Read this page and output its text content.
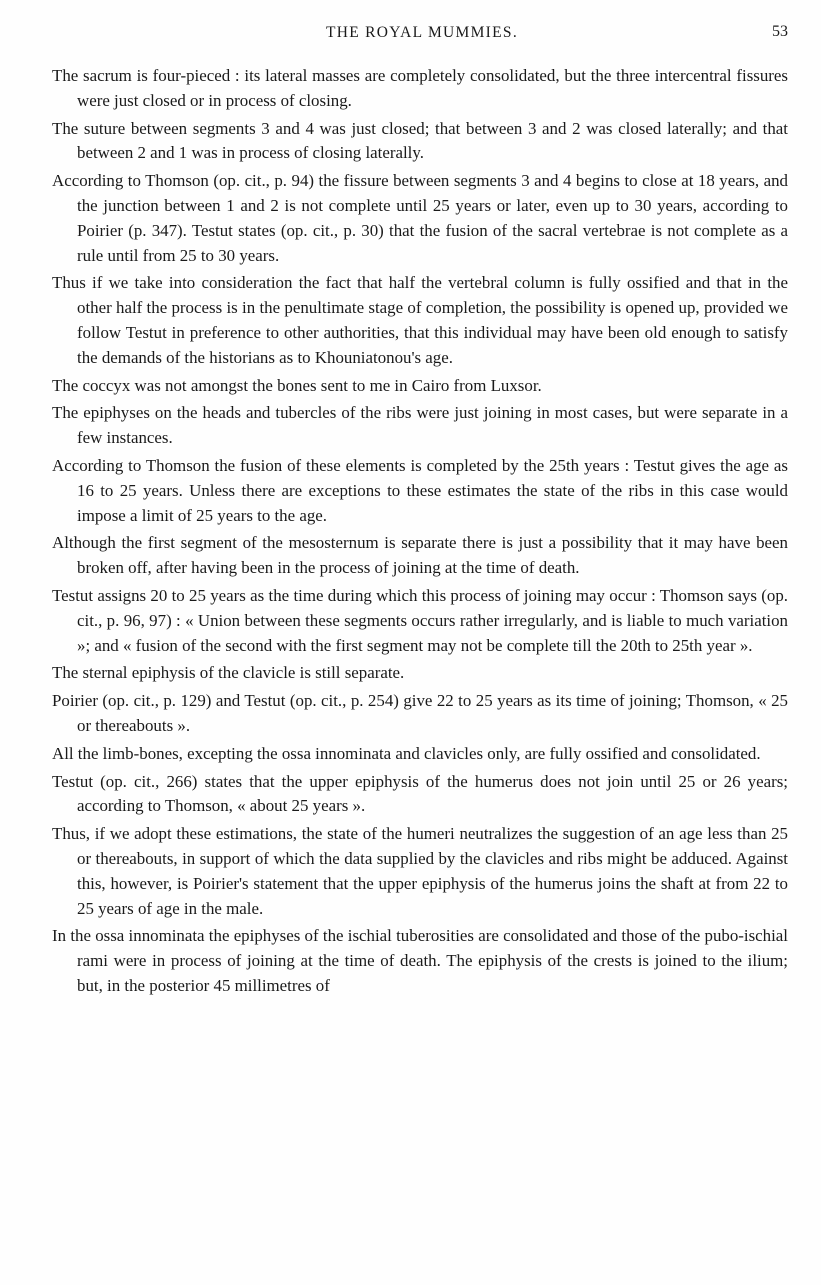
THE ROYAL MUMMIES.	53

The sacrum is four-pieced : its lateral masses are completely consolidated, but the three intercentral fissures were just closed or in process of closing.

The suture between segments 3 and 4 was just closed; that between 3 and 2 was closed laterally; and that between 2 and 1 was in process of closing laterally.

According to Thomson (op. cit., p. 94) the fissure between segments 3 and 4 begins to close at 18 years, and the junction between 1 and 2 is not complete until 25 years or later, even up to 30 years, according to Poirier (p. 347). Testut states (op. cit., p. 30) that the fusion of the sacral vertebrae is not complete as a rule until from 25 to 30 years.

Thus if we take into consideration the fact that half the vertebral column is fully ossified and that in the other half the process is in the penultimate stage of completion, the possibility is opened up, provided we follow Testut in preference to other authorities, that this individual may have been old enough to satisfy the demands of the historians as to Khouniatonou's age.

The coccyx was not amongst the bones sent to me in Cairo from Luxsor.

The epiphyses on the heads and tubercles of the ribs were just joining in most cases, but were separate in a few instances.

According to Thomson the fusion of these elements is completed by the 25th years : Testut gives the age as 16 to 25 years. Unless there are exceptions to these estimates the state of the ribs in this case would impose a limit of 25 years to the age.

Although the first segment of the mesosternum is separate there is just a possibility that it may have been broken off, after having been in the process of joining at the time of death.

Testut assigns 20 to 25 years as the time during which this process of joining may occur : Thomson says (op. cit., p. 96, 97) : « Union between these segments occurs rather irregularly, and is liable to much variation »; and « fusion of the second with the first segment may not be complete till the 20th to 25th year ».

The sternal epiphysis of the clavicle is still separate.

Poirier (op. cit., p. 129) and Testut (op. cit., p. 254) give 22 to 25 years as its time of joining; Thomson, « 25 or thereabouts ».

All the limb-bones, excepting the ossa innominata and clavicles only, are fully ossified and consolidated.

Testut (op. cit., 266) states that the upper epiphysis of the humerus does not join until 25 or 26 years; according to Thomson, « about 25 years ».

Thus, if we adopt these estimations, the state of the humeri neutralizes the suggestion of an age less than 25 or thereabouts, in support of which the data supplied by the clavicles and ribs might be adduced. Against this, however, is Poirier's statement that the upper epiphysis of the humerus joins the shaft at from 22 to 25 years of age in the male.

In the ossa innominata the epiphyses of the ischial tuberosities are consolidated and those of the pubo-ischial rami were in process of joining at the time of death. The epiphysis of the crests is joined to the ilium; but, in the posterior 45 millimetres of
